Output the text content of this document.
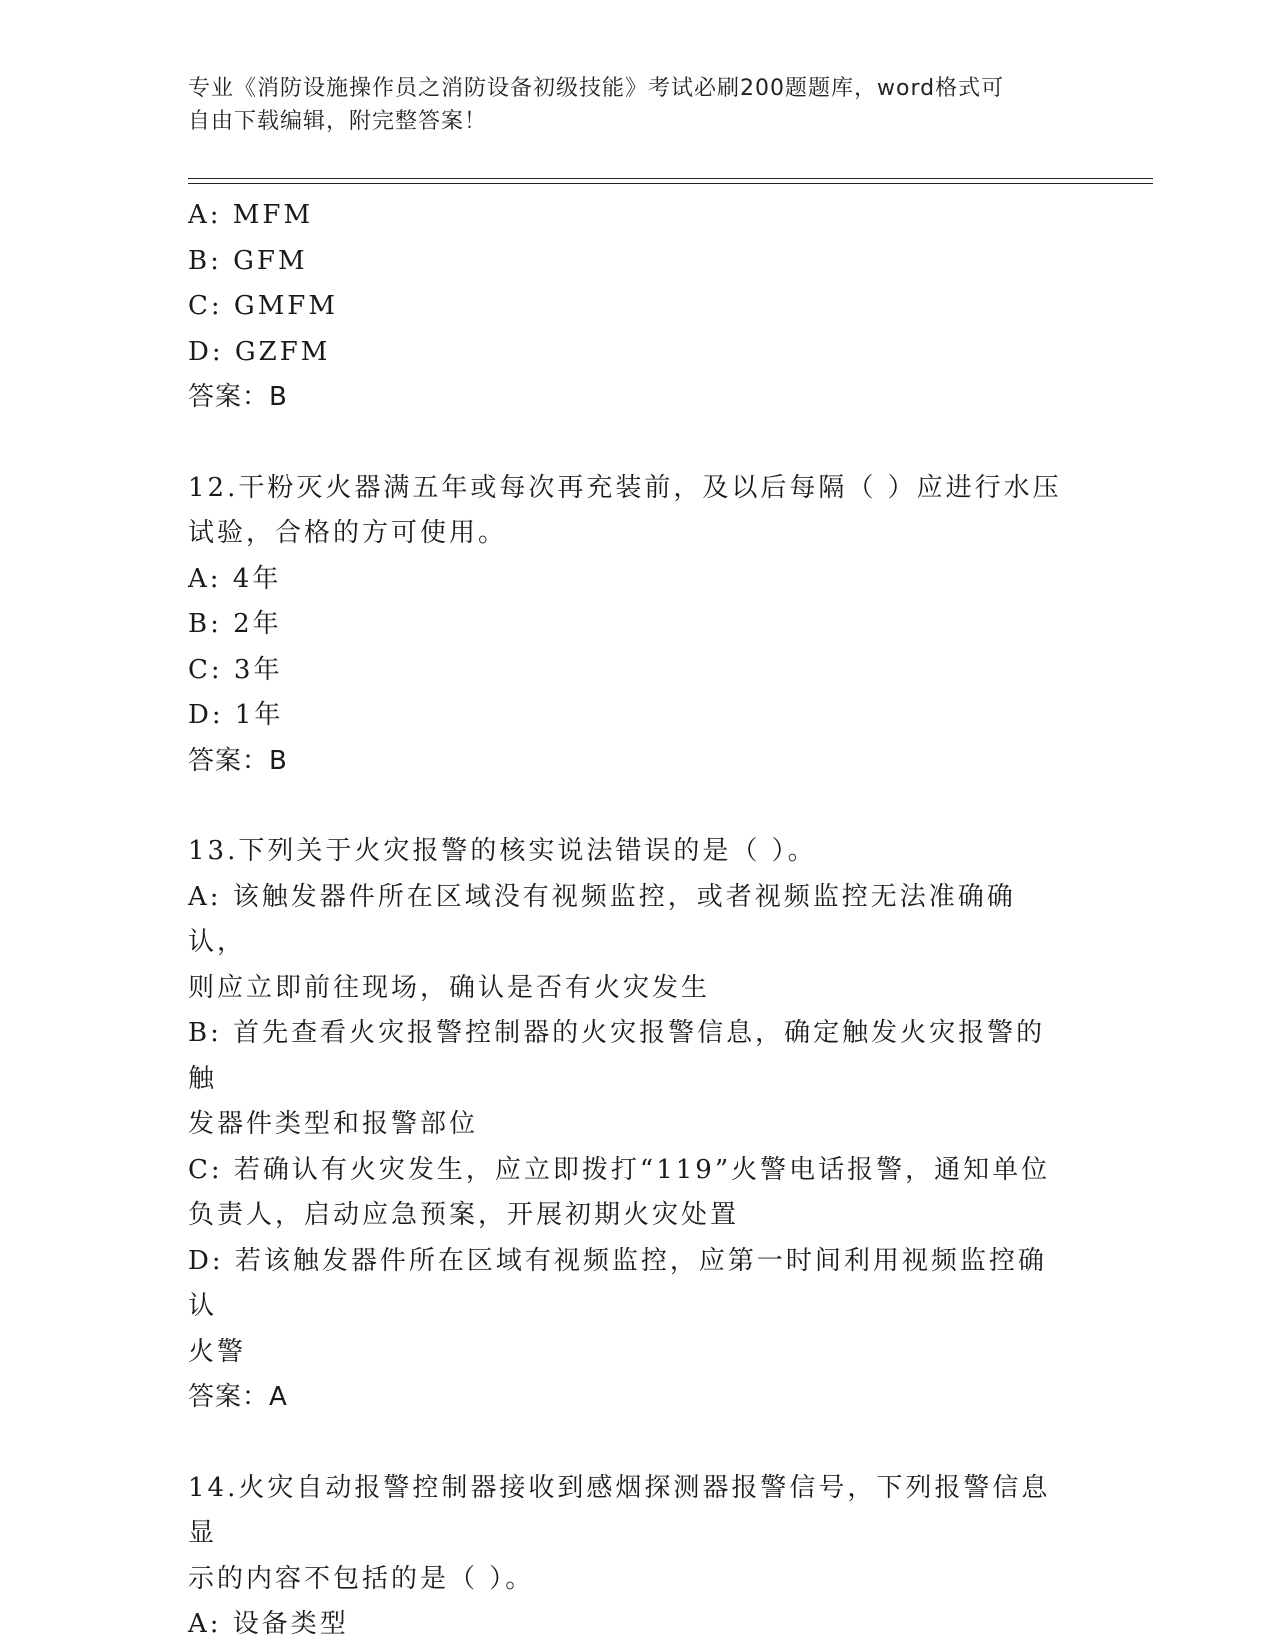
专业《消防设施操作员之消防设备初级技能》考试必刷200题题库，word格式可
自由下载编辑，附完整答案！
A: MFM
B: GFM
C: GMFM
D: GZFM
答案：B
12.干粉灭火器满五年或每次再充装前，及以后每隔（ ）应进行水压
试验，合格的方可使用。
A: 4年
B: 2年
C: 3年
D: 1年
答案：B
13.下列关于火灾报警的核实说法错误的是（ ）。
A: 该触发器件所在区域没有视频监控，或者视频监控无法准确确认，
则应立即前往现场，确认是否有火灾发生
B: 首先查看火灾报警控制器的火灾报警信息，确定触发火灾报警的触
发器件类型和报警部位
C: 若确认有火灾发生，应立即拨打“119”火警电话报警，通知单位
负责人，启动应急预案，开展初期火灾处置
D: 若该触发器件所在区域有视频监控，应第一时间利用视频监控确认
火警
答案：A
14.火灾自动报警控制器接收到感烟探测器报警信号，下列报警信息显
示的内容不包括的是（ ）。
A: 设备类型
